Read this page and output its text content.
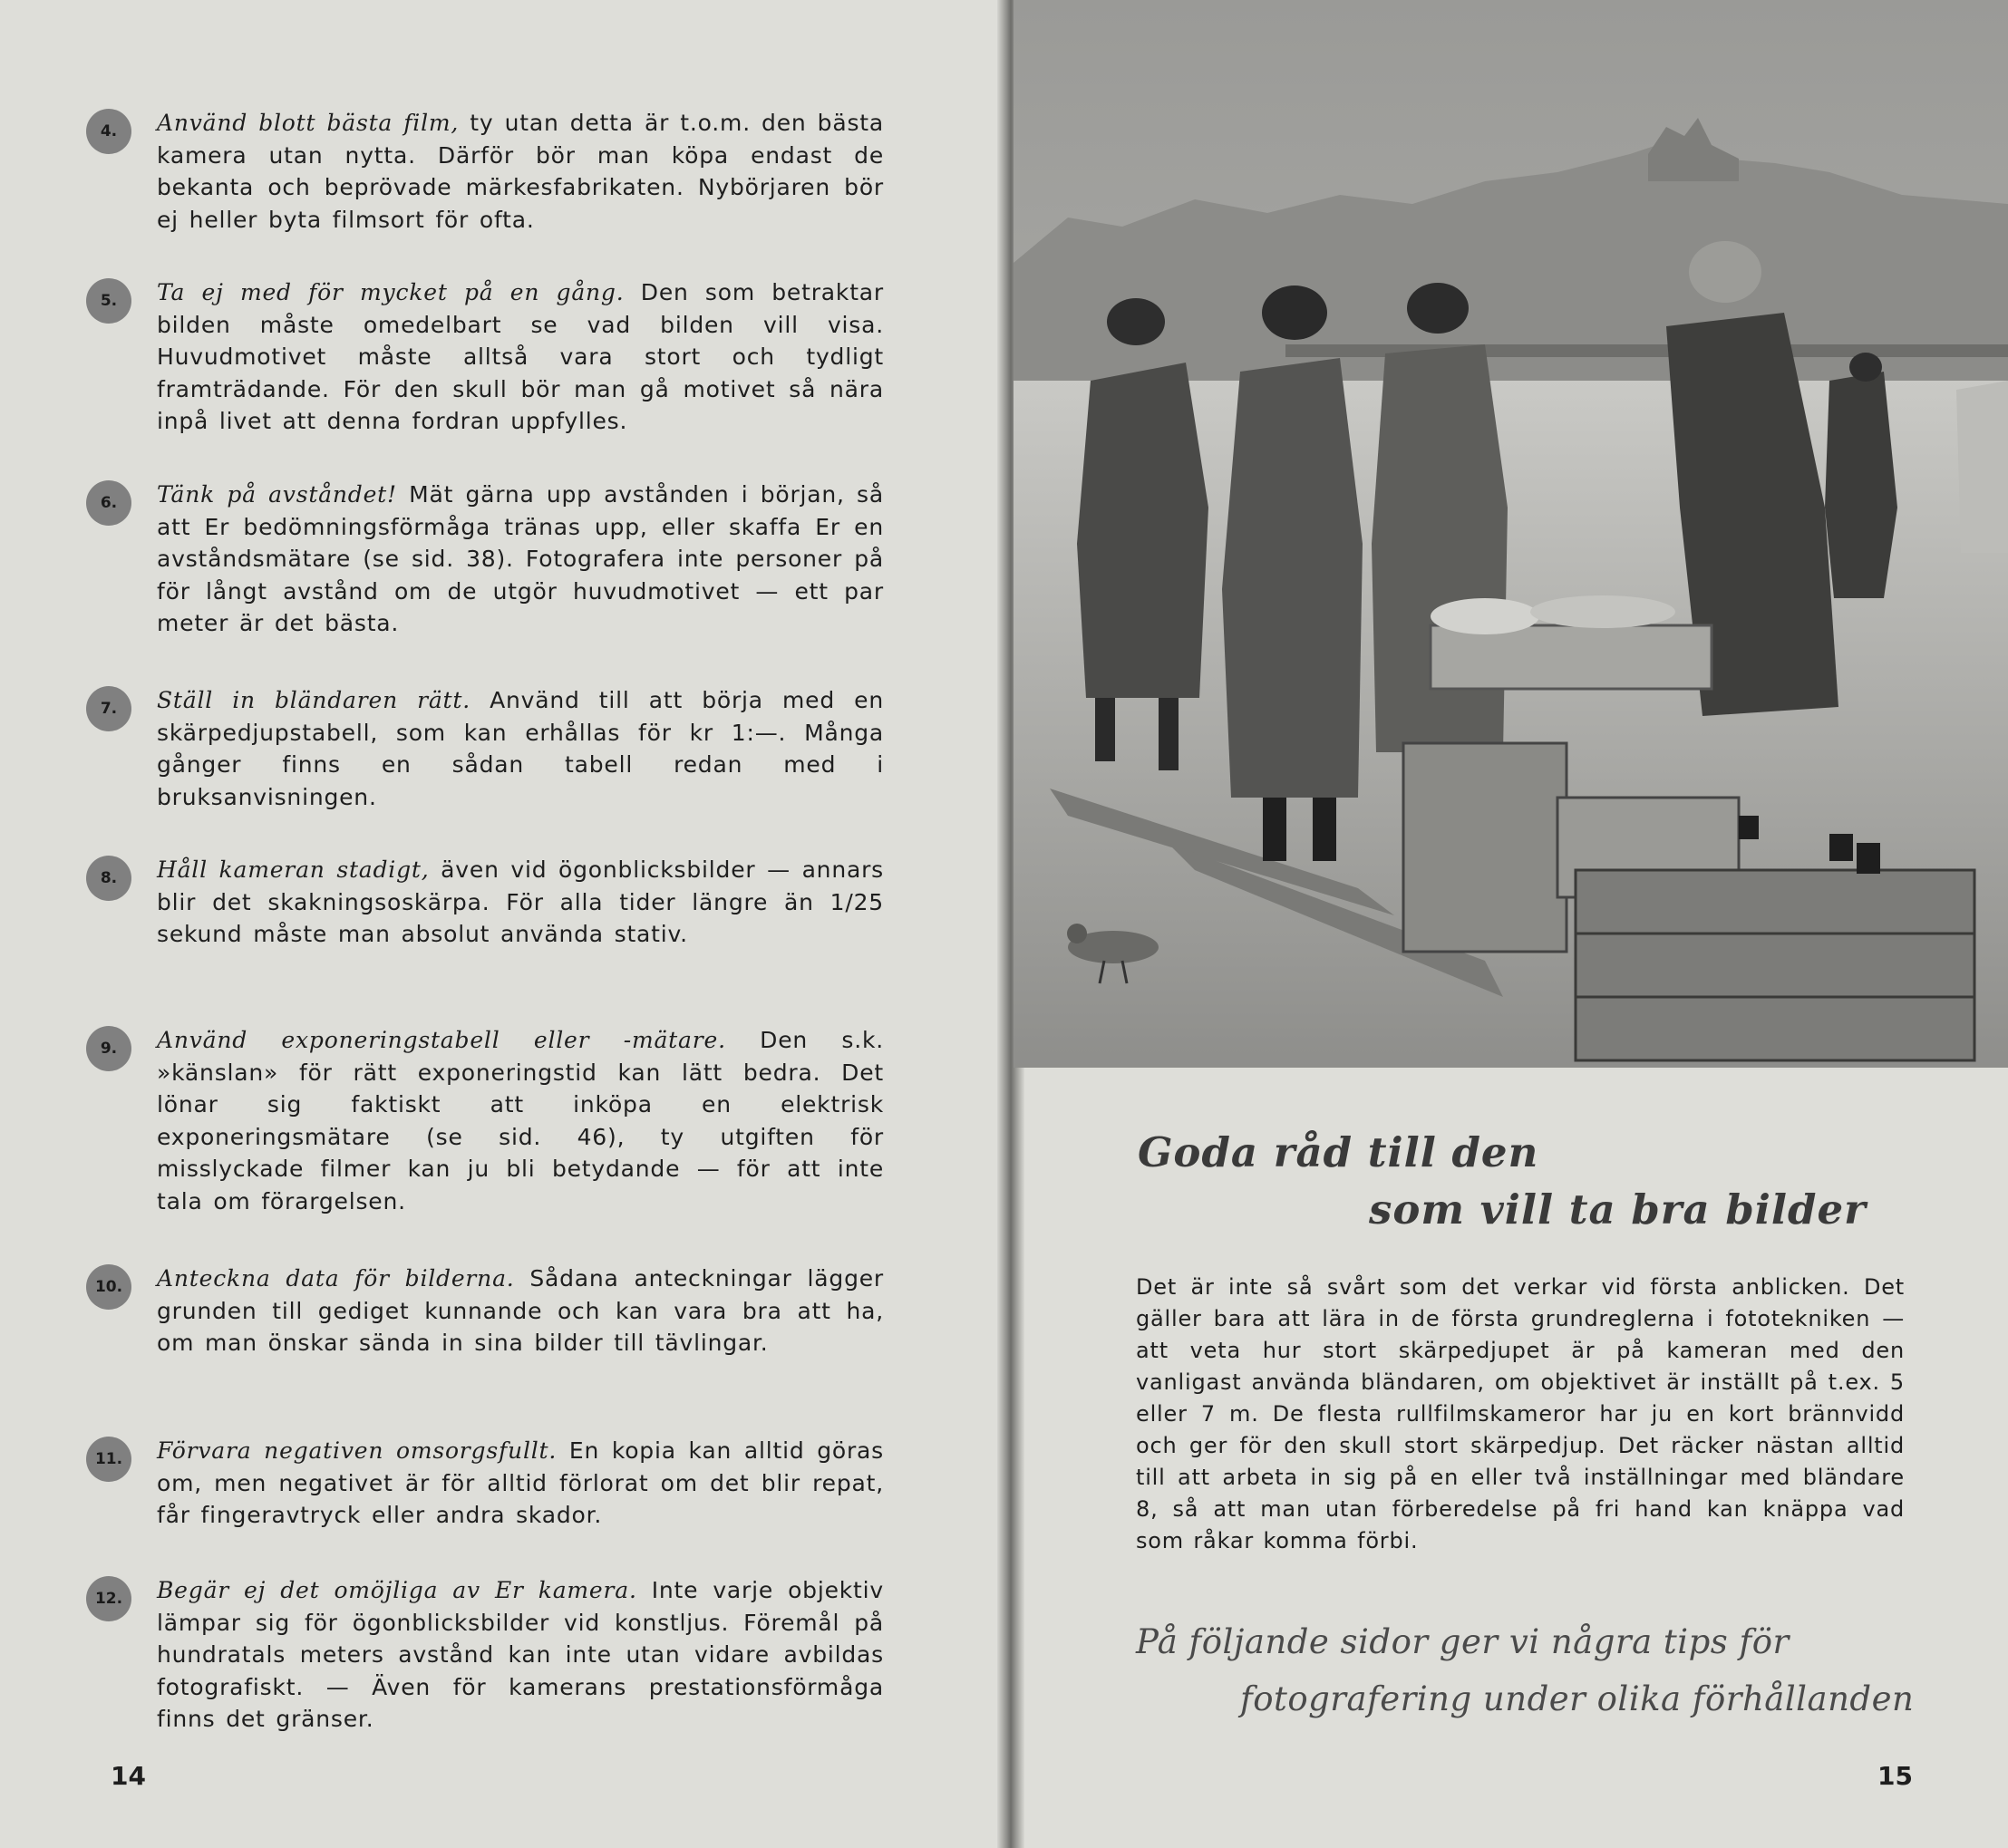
4.	Använd blott bästa film, ty utan detta är t.o.m. den bästa kamera utan nytta. Därför bör man köpa endast de bekanta och beprövade märkesfabrikaten. Nybörjaren bör ej heller byta filmsort för ofta.
5.	Ta ej med för mycket på en gång. Den som betraktar bilden måste omedelbart se vad bilden vill visa. Huvudmotivet måste alltså vara stort och tydligt framträdande. För den skull bör man gå motivet så nära inpå livet att denna fordran uppfylles.
6.	Tänk på avståndet! Mät gärna upp avstånden i början, så att Er bedömningsförmåga tränas upp, eller skaffa Er en avståndsmätare (se sid. 38). Fotografera inte personer på för långt avstånd om de utgör huvudmotivet — ett par meter är det bästa.
7.	Ställ in bländaren rätt. Använd till att börja med en skärpedjupstabell, som kan erhållas för kr 1:—. Många gånger finns en sådan tabell redan med i bruksanvisningen.
8.	Håll kameran stadigt, även vid ögonblicksbilder — annars blir det skakningsoskärpa. För alla tider längre än 1/25 sekund måste man absolut använda stativ.
9.	Använd exponeringstabell eller -mätare. Den s.k. »känslan» för rätt exponeringstid kan lätt bedra. Det lönar sig faktiskt att inköpa en elektrisk exponeringsmätare (se sid. 46), ty utgiften för misslyckade filmer kan ju bli betydande — för att inte tala om förargelsen.
10.	Anteckna data för bilderna. Sådana anteckningar lägger grunden till gediget kunnande och kan vara bra att ha, om man önskar sända in sina bilder till tävlingar.
11.	Förvara negativen omsorgsfullt. En kopia kan alltid göras om, men negativet är för alltid förlorat om det blir repat, får fingeravtryck eller andra skador.
12.	Begär ej det omöjliga av Er kamera. Inte varje objektiv lämpar sig för ögonblicksbilder vid konstljus. Föremål på hundratals meters avstånd kan inte utan vidare avbildas fotografiskt. — Även för kamerans prestationsförmåga finns det gränser.
14
Goda råd till den
som vill ta bra bilder
Det är inte så svårt som det verkar vid första anblicken. Det gäller bara att lära in de första grundreglerna i fototekniken — att veta hur stort skärpedjupet är på kameran med den vanligast använda bländaren, om objektivet är inställt på t.ex. 5 eller 7 m. De flesta rullfilmskameror har ju en kort brännvidd och ger för den skull stort skärpedjup. Det räcker nästan alltid till att arbeta in sig på en eller två inställningar med bländare 8, så att man utan förberedelse på fri hand kan knäppa vad som råkar komma förbi.
På följande sidor ger vi några tips för
fotografering under olika förhållanden
15
